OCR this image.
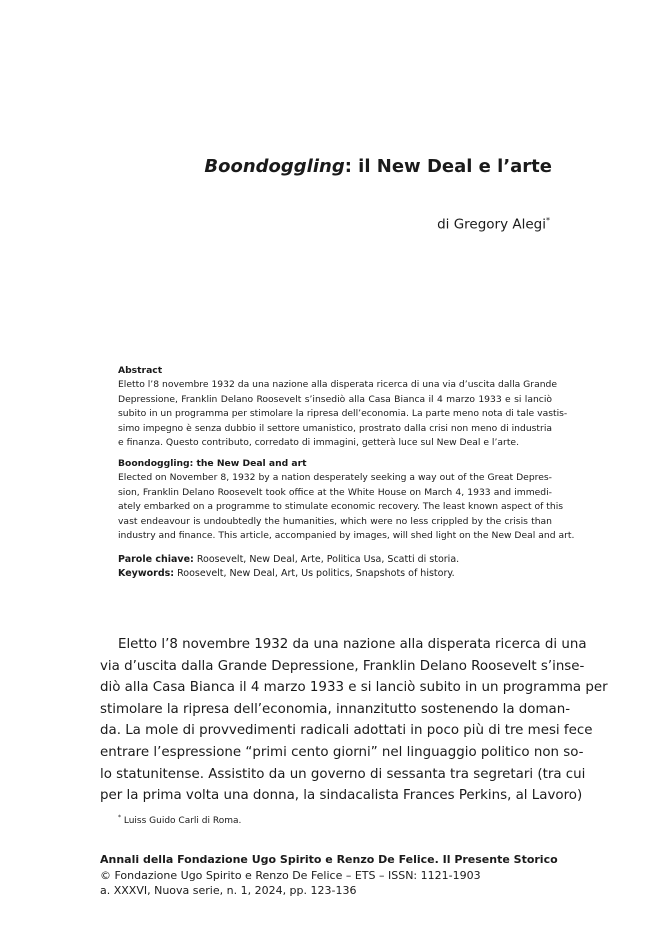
Boondoggling: il New Deal e l’arte
di Gregory Alegi*
Abstract
Eletto l’8 novembre 1932 da una nazione alla disperata ricerca di una via d’uscita dalla Grande
Depressione, Franklin Delano Roosevelt s’insediò alla Casa Bianca il 4 marzo 1933 e si lanciò
subito in un programma per stimolare la ripresa dell’economia. La parte meno nota di tale vastis-
simo impegno è senza dubbio il settore umanistico, prostrato dalla crisi non meno di industria
e finanza. Questo contributo, corredato di immagini, getterà luce sul New Deal e l’arte.
Boondoggling: the New Deal and art
Elected on November 8, 1932 by a nation desperately seeking a way out of the Great Depres-
sion, Franklin Delano Roosevelt took office at the White House on March 4, 1933 and immedi-
ately embarked on a programme to stimulate economic recovery. The least known aspect of this
vast endeavour is undoubtedly the humanities, which were no less crippled by the crisis than
industry and finance. This article, accompanied by images, will shed light on the New Deal and art.
Parole chiave: Roosevelt, New Deal, Arte, Politica Usa, Scatti di storia.
Keywords: Roosevelt, New Deal, Art, Us politics, Snapshots of history.
Eletto l’8 novembre 1932 da una nazione alla disperata ricerca di una
via d’uscita dalla Grande Depressione, Franklin Delano Roosevelt s’inse-
diò alla Casa Bianca il 4 marzo 1933 e si lanciò subito in un programma per
stimolare la ripresa dell’economia, innanzitutto sostenendo la doman-
da. La mole di provvedimenti radicali adottati in poco più di tre mesi fece
entrare l’espressione “primi cento giorni” nel linguaggio politico non so-
lo statunitense. Assistito da un governo di sessanta tra segretari (tra cui
per la prima volta una donna, la sindacalista Frances Perkins, al Lavoro)
* Luiss Guido Carli di Roma.
Annali della Fondazione Ugo Spirito e Renzo De Felice. Il Presente Storico
© Fondazione Ugo Spirito e Renzo De Felice – ETS – ISSN: 1121-1903
a. XXXVI, Nuova serie, n. 1, 2024, pp. 123-136
